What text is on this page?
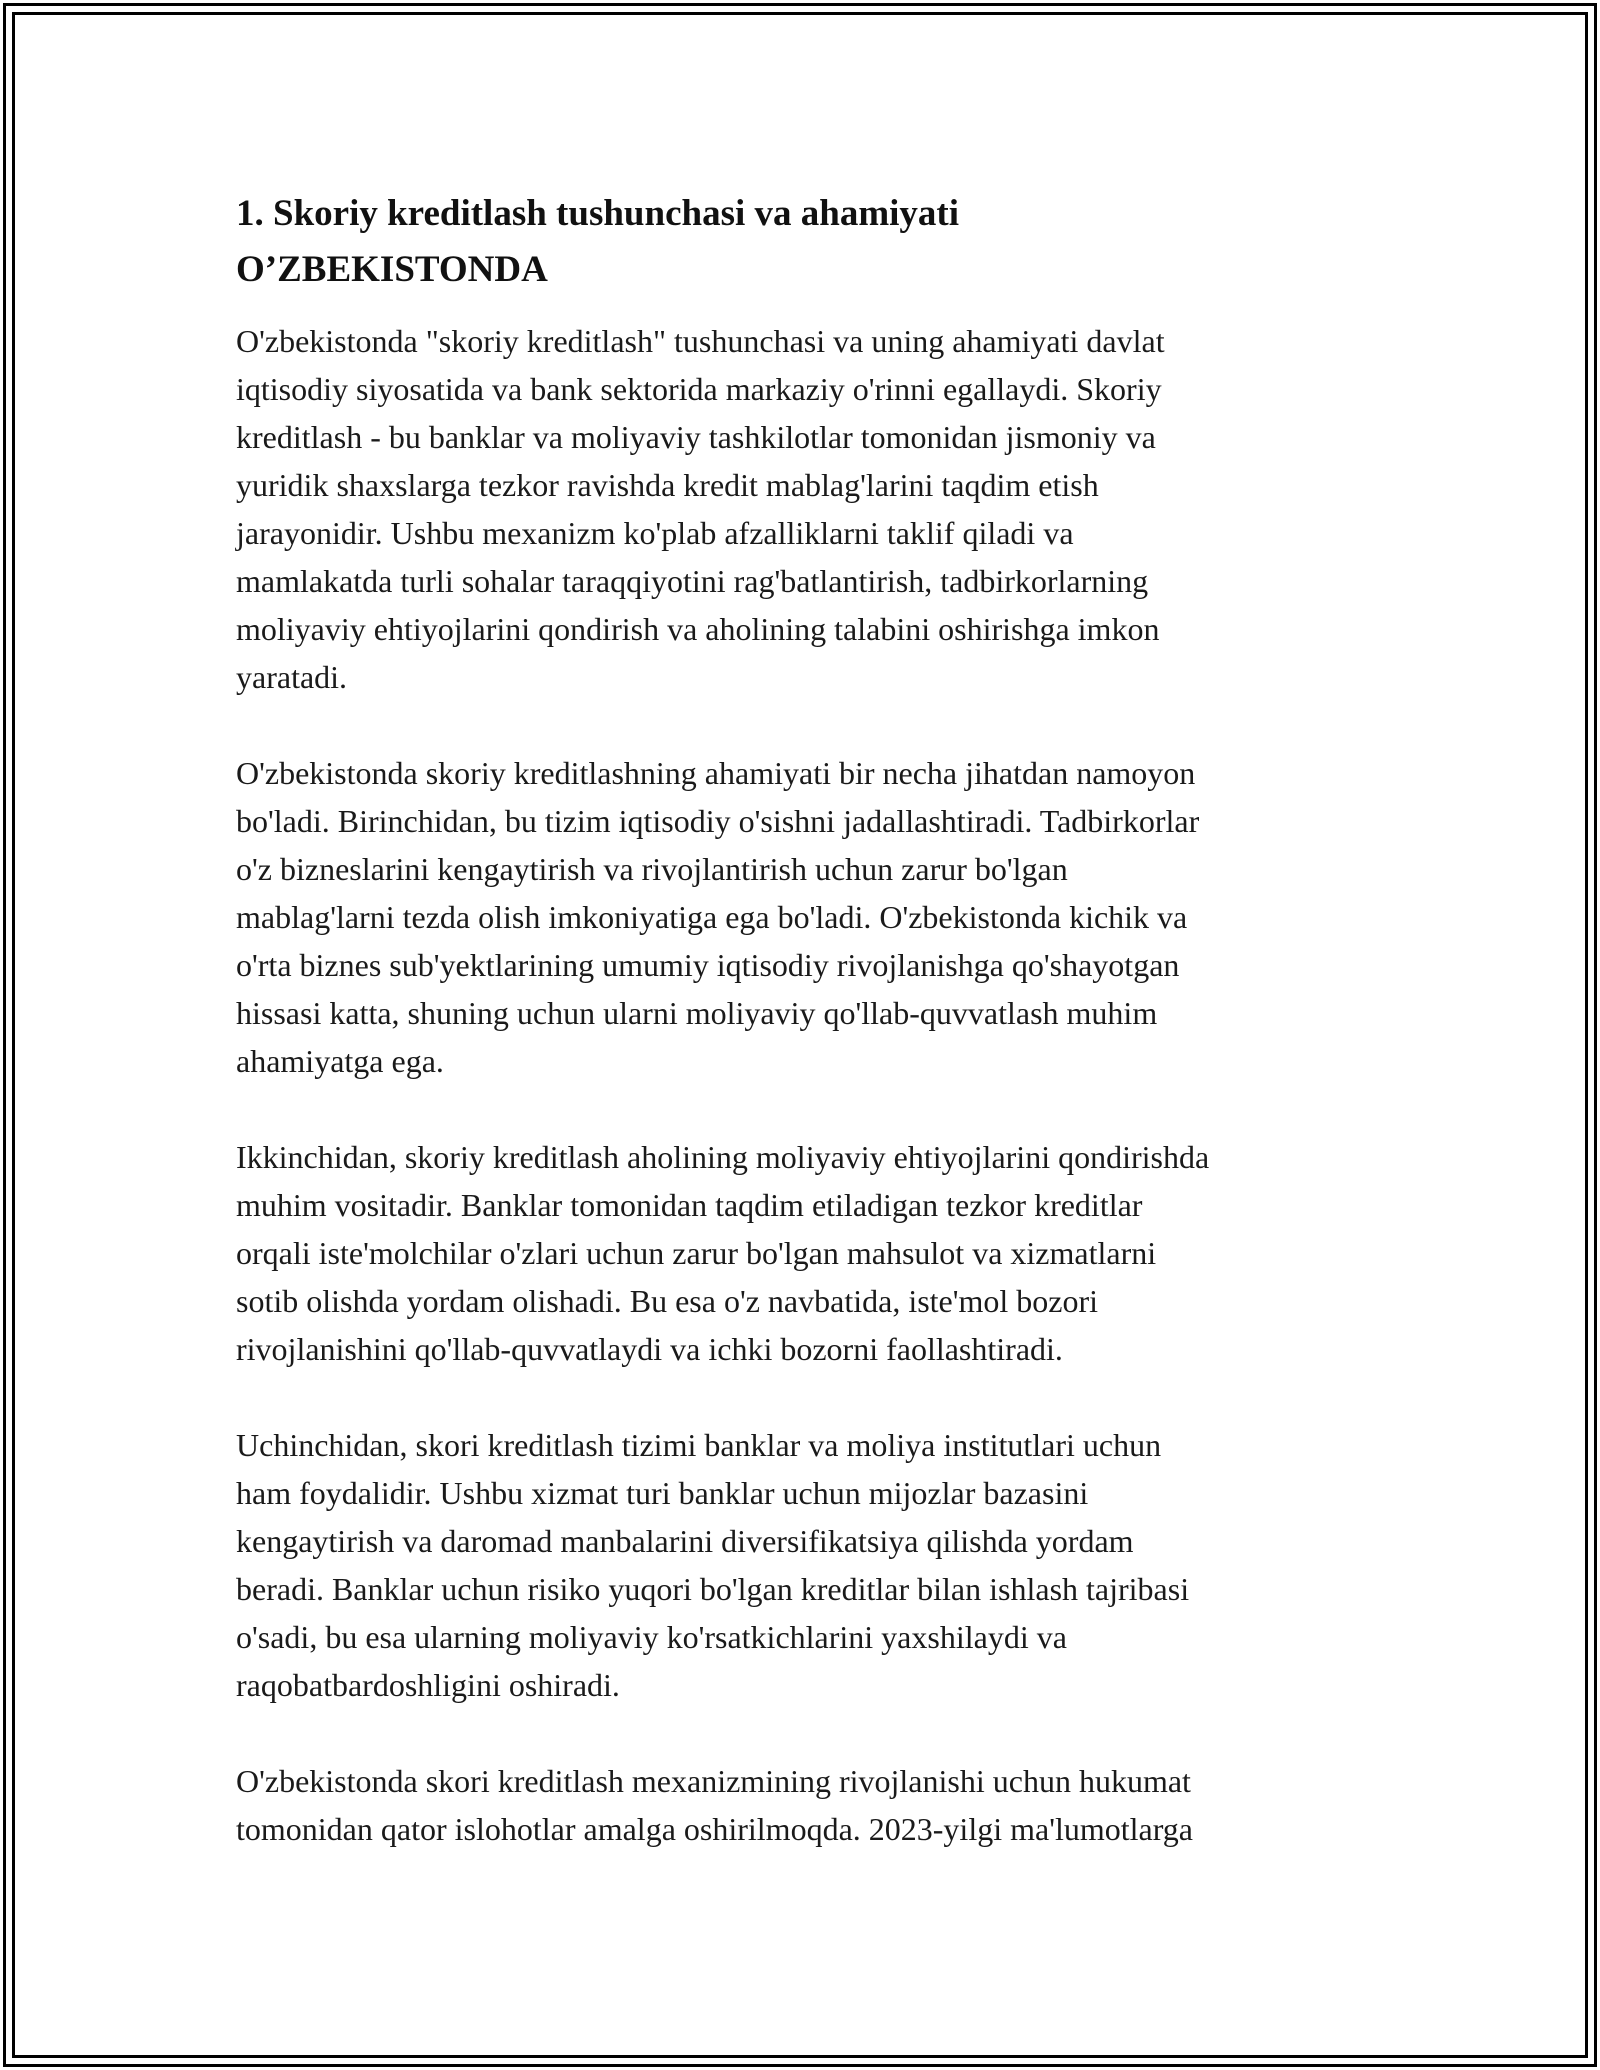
1. Skoriy kreditlash tushunchasi va ahamiyati
O’ZBEKISTONDA

O'zbekistonda "skoriy kreditlash" tushunchasi va uning ahamiyati davlat
iqtisodiy siyosatida va bank sektorida markaziy o'rinni egallaydi. Skoriy
kreditlash - bu banklar va moliyaviy tashkilotlar tomonidan jismoniy va
yuridik shaxslarga tezkor ravishda kredit mablag'larini taqdim etish
jarayonidir. Ushbu mexanizm ko'plab afzalliklarni taklif qiladi va
mamlakatda turli sohalar taraqqiyotini rag'batlantirish, tadbirkorlarning
moliyaviy ehtiyojlarini qondirish va aholining talabini oshirishga imkon
yaratadi.

O'zbekistonda skoriy kreditlashning ahamiyati bir necha jihatdan namoyon
bo'ladi. Birinchidan, bu tizim iqtisodiy o'sishni jadallashtiradi. Tadbirkorlar
o'z bizneslarini kengaytirish va rivojlantirish uchun zarur bo'lgan
mablag'larni tezda olish imkoniyatiga ega bo'ladi. O'zbekistonda kichik va
o'rta biznes sub'yektlarining umumiy iqtisodiy rivojlanishga qo'shayotgan
hissasi katta, shuning uchun ularni moliyaviy qo'llab-quvvatlash muhim
ahamiyatga ega.

Ikkinchidan, skoriy kreditlash aholining moliyaviy ehtiyojlarini qondirishda
muhim vositadir. Banklar tomonidan taqdim etiladigan tezkor kreditlar
orqali iste'molchilar o'zlari uchun zarur bo'lgan mahsulot va xizmatlarni
sotib olishda yordam olishadi. Bu esa o'z navbatida, iste'mol bozori
rivojlanishini qo'llab-quvvatlaydi va ichki bozorni faollashtiradi.

Uchinchidan, skori kreditlash tizimi banklar va moliya institutlari uchun
ham foydalidir. Ushbu xizmat turi banklar uchun mijozlar bazasini
kengaytirish va daromad manbalarini diversifikatsiya qilishda yordam
beradi. Banklar uchun risiko yuqori bo'lgan kreditlar bilan ishlash tajribasi
o'sadi, bu esa ularning moliyaviy ko'rsatkichlarini yaxshilaydi va
raqobatbardoshligini oshiradi.

O'zbekistonda skori kreditlash mexanizmining rivojlanishi uchun hukumat
tomonidan qator islohotlar amalga oshirilmoqda. 2023-yilgi ma'lumotlarga
